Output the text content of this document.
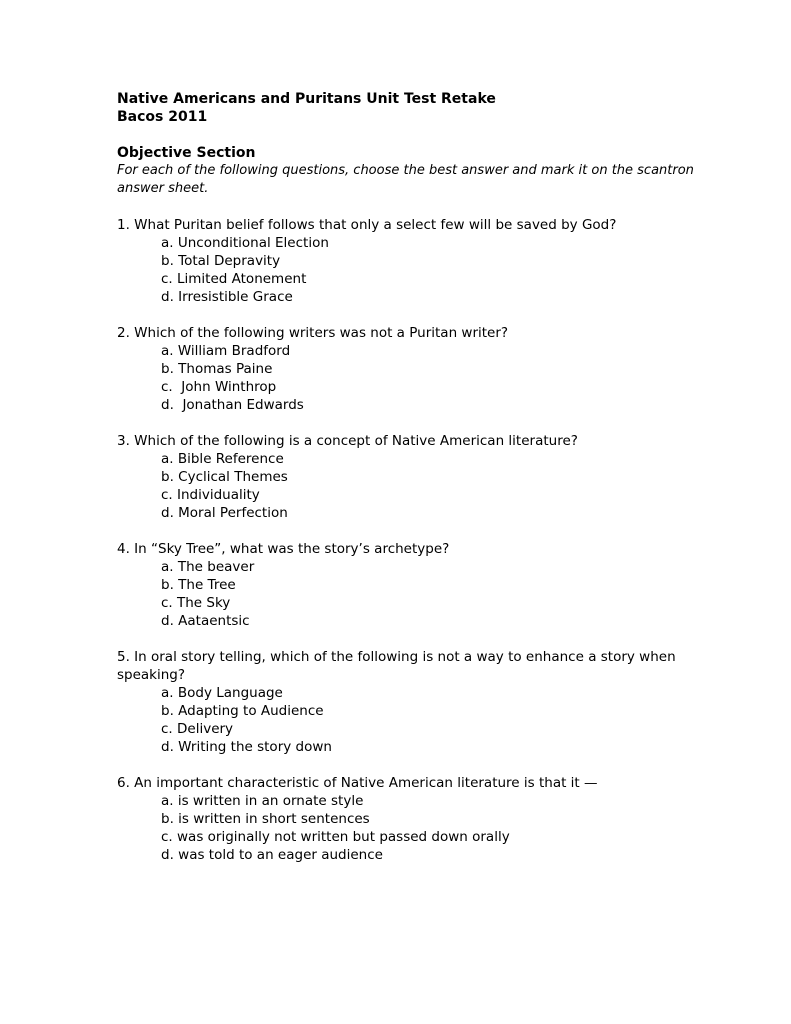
Native Americans and Puritans Unit Test Retake

Bacos 2011

Objective Section

For each of the following questions, choose the best answer and mark it on the scantron answer sheet.

1. What Puritan belief follows that only a select few will be saved by God?

a. Unconditional Election
b. Total Depravity
c. Limited Atonement
d. Irresistible Grace

2. Which of the following writers was not a Puritan writer?

a. William Bradford
b. Thomas Paine
c.  John Winthrop
d.  Jonathan Edwards

3. Which of the following is a concept of Native American literature?

a. Bible Reference
b. Cyclical Themes
c. Individuality
d. Moral Perfection

4. In “Sky Tree”, what was the story’s archetype?

a. The beaver
b. The Tree
c. The Sky
d. Aataentsic

5. In oral story telling, which of the following is not a way to enhance a story when speaking?

a. Body Language
b. Adapting to Audience
c. Delivery
d. Writing the story down

6. An important characteristic of Native American literature is that it —

a. is written in an ornate style
b. is written in short sentences
c. was originally not written but passed down orally
d. was told to an eager audience
